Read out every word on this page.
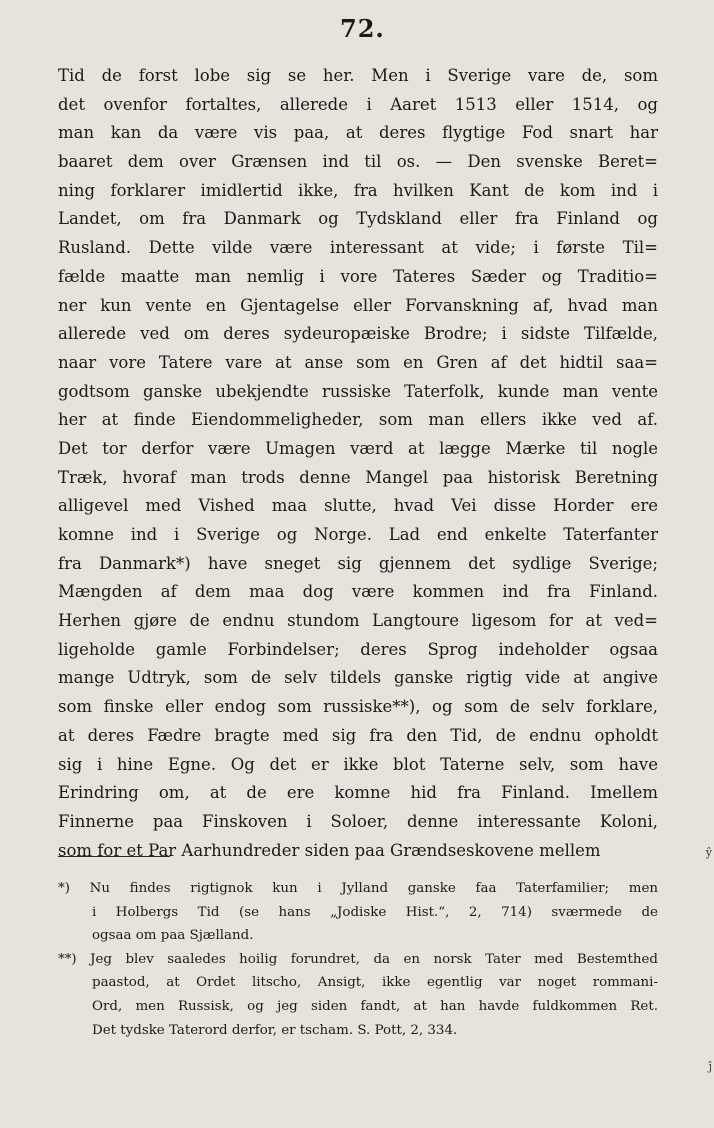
72.
Tid de forst lobe sig se her. Men i Sverige vare de, som
det ovenfor fortaltes, allerede i Aaret 1513 eller 1514, og
man kan da være vis paa, at deres flygtige Fod snart har
baaret dem over Grænsen ind til os. — Den svenske Beret=
ning forklarer imidlertid ikke, fra hvilken Kant de kom ind i
Landet, om fra Danmark og Tydskland eller fra Finland og
Rusland. Dette vilde være interessant at vide; i første Til=
fælde maatte man nemlig i vore Tateres Sæder og Traditio=
ner kun vente en Gjentagelse eller Forvanskning af, hvad man
allerede ved om deres sydeuropæiske Brodre; i sidste Tilfælde,
naar vore Tatere vare at anse som en Gren af det hidtil saa=
godtsom ganske ubekjendte russiske Taterfolk, kunde man vente
her at finde Eiendommeligheder, som man ellers ikke ved af.
Det tor derfor være Umagen værd at lægge Mærke til nogle
Træk, hvoraf man trods denne Mangel paa historisk Beretning
alligevel med Vished maa slutte, hvad Vei disse Horder ere
komne ind i Sverige og Norge. Lad end enkelte Taterfanter
fra Danmark*) have sneget sig gjennem det sydlige Sverige;
Mængden af dem maa dog være kommen ind fra Finland.
Herhen gjøre de endnu stundom Langtoure ligesom for at ved=
ligeholde gamle Forbindelser; deres Sprog indeholder ogsaa
mange Udtryk, som de selv tildels ganske rigtig vide at angive
som finske eller endog som russiske**), og som de selv forklare,
at deres Fædre bragte med sig fra den Tid, de endnu opholdt
sig i hine Egne. Og det er ikke blot Taterne selv, som have
Erindring om, at de ere komne hid fra Finland. Imellem
Finnerne paa Finskoven i Soloer, denne interessante Koloni,
som for et Par Aarhundreder siden paa Grændseskovene mellem
*) Nu findes rigtignok kun i Jylland ganske faa Taterfamilier; men
i Holbergs Tid (se hans „Jodiske Hist.“, 2, 714) sværmede de
ogsaa om paa Sjælland.
**) Jeg blev saaledes hoilig forundret, da en norsk Tater med Bestemthed
paastod, at Ordet litscho, Ansigt, ikke egentlig var noget rommani-
Ord, men Russisk, og jeg siden fandt, at han havde fuldkommen Ret.
Det tydske Taterord derfor, er tscham. S. Pott, 2, 334.
ŷ
ĵ
